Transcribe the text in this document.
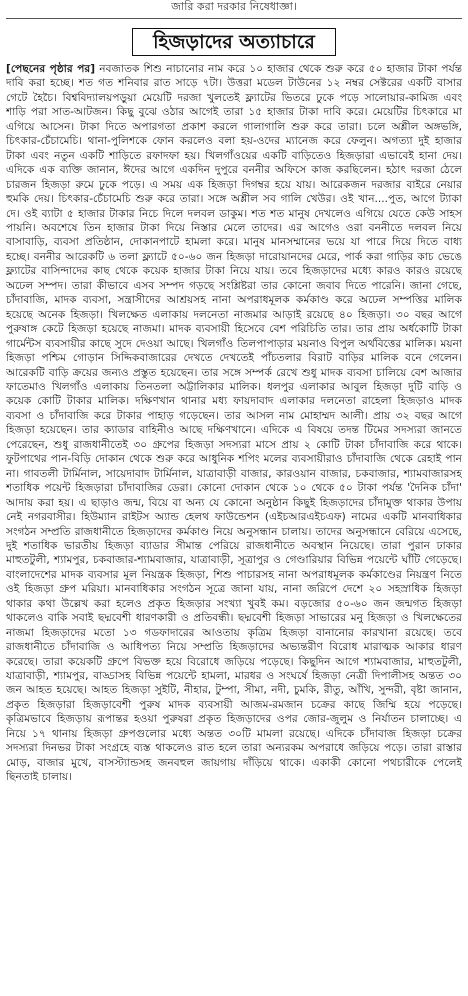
জারি করা দরকার নিষেধাজ্ঞা।
হিজড়াদের অত্যাচারে

[পেছনের পৃষ্ঠার পর] নবজাতক শিশু নাচানোর নাম করে ১০ হাজার থেকে শুরু করে ৫০ হাজার টাকা পর্যন্ত দাবি করা হচ্ছে। শত গত শনিবার রাত সাড়ে ৭টা। উত্তরা মডেল টাউনের ১২ নম্বর সেক্টরের একটি বাসার গেটে হৈচৈ। বিশ্ববিদ্যালয়পড়ুয়া মেয়েটি দরজা খুলতেই ফ্ল্যাটের ভিতরে ঢুকে পড়ে সালোয়ার-কামিজ এবং শাড়ি পরা সাত-আটজন। কিছু বুঝে ওঠার আগেই তারা ১৫ হাজার টাকা দাবি করে। মেয়েটির চিৎকারে মা এগিয়ে আসেন। টাকা দিতে অপারগতা প্রকাশ করলে গালাগালি শুরু করে তারা। চলে অশ্লীল অঙ্গভঙ্গি, চিৎকার-চেঁচামেচি। থানা-পুলিশকে ফোন করলেও বলা হয়-ওদের ম্যানেজ করে ফেলুন। অগত্যা দুই হাজার টাকা এবং নতুন একটি শাড়িতে রফাদফা হয়। খিলগাঁওয়ের একটি বাড়িতেও হিজড়ারা এভাবেই হানা দেয়। এদিকে এক ব্যক্তি জানান, ঈদের আগে একদিন দুপুরে বননীর অফিসে কাজ করছিলেন। হঠাৎ দরজা ঠেলে চারজন হিজড়া রুমে ঢুকে পড়ে। এ সময় এক হিজড়া দিগম্বর হয়ে যায়। আরেকজন দরজার বাইরে নেয়ার হুমকি দেয়। চিৎকার-চেঁচামেচি শুরু করে তারা। সঙ্গে অশ্লীল সব গালি খেউর। ওই খান....পুত, আগে ট্যাকা দে। ওই ব্যাটা ৫ হাজার টাকার নিচে দিলে দলবল ডাকুম। শত শত মানুষ দেখলেও এগিয়ে যেতে কেউ সাহস পায়নি। অবশেষে তিন হাজার টাকা দিয়ে নিস্তার মেলে তাদের। এর আগেও ওরা বননীতে দলবল নিয়ে বাসাবাড়ি, ব্যবসা প্রতিষ্ঠান, দোকানপাটে হামলা করে। মানুষ মানসম্মানের ভয়ে যা পারে দিয়ে দিতে বাধ্য হচ্ছে। বননীর আরেকটি ৬ তলা ফ্ল্যাটে ৫০-৬০ জন হিজড়া দারোয়ানদের মেরে, পার্ক করা গাড়ির কাচ ভেঙে ফ্ল্যাটের বাসিন্দাদের কাছ থেকে কয়েক হাজার টাকা নিয়ে যায়। তবে হিজড়াদের মধ্যে কারও কারও রয়েছে অঢেল সম্পদ। তারা কীভাবে এসব সম্পদ গড়ছে সংশ্লিষ্টরা তার কোনো জবাব দিতে পারেনি। জানা গেছে, চাঁদাবাজি, মাদক ব্যবসা, সন্ত্রাসীদের আশ্রয়সহ নানা অপরাধমূলক কর্মকাণ্ড করে অঢেল সম্পত্তির মালিক হয়েছে অনেক হিজড়া। খিলক্ষেত এলাকায় দলনেতা নাজমার আড়াই রয়েছে ৪০ হিজড়া। ৩০ বছর আগে পুরুষাঙ্গ কেটে হিজড়া হয়েছে নাজমা। মাদক ব্যবসায়ী হিসেবে বেশ পরিচিতি তার। তার প্রায় অর্ধকোটি টাকা গার্মেন্টস ব্যবসায়ীর কাছে সুদে দেওয়া আছে। খিলগাঁও তিলপাপাড়ার ময়নাও বিপুল অর্থবিত্তের মালিক। ময়না হিজড়া পশ্চিম গোড়ান সিদ্দিকবাজারের দেখতে দেখতেই পাঁচতলার বিরাট বাড়ির মালিক বনে গেলেন। আরেকটি বাড়ি ক্রয়ের জন্যও প্রস্তুত হয়েছেন। তার সঙ্গে সম্পর্ক রেখে শুধু মাদক ব্যবসা চালিয়ে বেশ আজার ফাতেমাও খিলগাঁও এলাকায় তিনতলা অট্টালিকার মালিক। ধলপুর এলাকার আবুল হিজড়া দুটি বাড়ি ও কয়েক কোটি টাকার মালিক। দক্ষিণখান থানার মধ্য ফায়দাবাদ এলাকার দলনেতা রাহেলা হিজড়াও মাদক ব্যবসা ও চাঁদাবাজি করে টাকার পাহাড় গড়েছেন। তার আসল নাম মোহাম্মদ আলী। প্রায় ৩২ বছর আগে হিজড়া হয়েছেন। তার ক্যাডার বাহিনীও আছে দক্ষিণখানে। এদিকে এ বিষয়ে তদন্ত টিমের সদস্যরা জানতে পেরেছেন, শুধু রাজধানীতেই ৩০ গ্রুপের হিজড়া সদস্যরা মাসে প্রায় ২ কোটি টাকা চাঁদাবাজি করে থাকে। ফুটপাথের পান-বিড়ি দোকান থেকে শুরু করে আধুনিক শপিং মলের ব্যবসায়ীরাও চাঁদাবাজি থেকে রেহাই পান না। গাবতলী টার্মিনাল, সায়েদাবাদ টার্মিনাল, যাত্রাবাড়ী বাজার, কারওয়ান বাজার, চকবাজার, শ্যামবাজারসহ শতাধিক পয়েন্ট হিজড়ারা চাঁদাবাজির ডেরা। কোনো দোকান থেকে ১০ থেকে ৫০ টাকা পর্যন্ত 'দৈনিক চাঁদা' আদায় করা হয়। এ ছাড়াও জন্ম, বিয়ে বা অন্য যে কোনো অনুষ্ঠান কিছুই হিজড়াদের চাঁদামুক্ত থাকার উপায় নেই নগরবাসীর। হিউম্যান রাইটস অ্যান্ড হেলথ ফাউন্ডেশন (এইচআরএইচএফ) নামের একটি মানবাধিকার সংগঠন সম্প্রতি রাজধানীতে হিজড়াদের কর্মকাণ্ড নিয়ে অনুসন্ধান চালায়। তাদের অনুসন্ধানে বেরিয়ে এসেছে, দুই শতাধিক ভারতীয় হিজড়া ব্যাডার সীমান্ত পেরিয়ে রাজধানীতে অবস্থান নিয়েছে। তারা পুরান ঢাকার মাহুতটুলী, শ্যামপুর, চকবাজার-শ্যামবাজার, যাত্রাবাড়ী, সূত্রাপুর ও গেণ্ডারিয়ার বিভিন্ন পয়েন্টে ঘাঁটি গেড়েছে। বাংলাদেশের মাদক ব্যবসার মূল নিয়ন্ত্রক হিজড়া, শিশু পাচারসহ নানা অপরাধমূলক কর্মকাণ্ডের নিয়ন্ত্রণ নিতে ওই হিজড়া গ্রুপ মরিয়া। মানবাধিকার সংগঠন সূত্রে জানা যায়, নানা জরিপে দেশে ২০ সহস্রাধিক হিজড়া থাকার কথা উল্লেখ করা হলেও প্রকৃত হিজড়ার সংখ্যা খুবই কম। বড়জোর ৫০-৬০ জন জন্মগত হিজড়া থাকলেও বাকি সবাই ছদ্মবেশী ধারণকারী ও প্রতিবন্ধী। ছদ্মবেশী হিজড়া সাভারের মনু হিজড়া ও খিলক্ষেতের নাজমা হিজড়াদের মতো ১৩ গডফাদারের আওতায় কৃত্রিম হিজড়া বানানোর কারখানা রয়েছে। তবে রাজধানীতে চাঁদাবাজি ও আধিপত্য নিয়ে সম্প্রতি হিজড়াদের অভ্যন্তরীণ বিরোধ মারাত্মক আকার ধারণ করেছে। তারা কয়েকটি গ্রুপে বিভক্ত হয়ে বিরোধে জড়িয়ে পড়েছে। কিছুদিন আগে শ্যামবাজার, মাহুতটুলী, যাত্রাবাড়ী, শ্যামপুর, বাড্ডাসহ বিভিন্ন পয়েন্টে হামলা, মারধর ও সংঘর্ষে হিজড়া নেত্রী দিপালীসহ অন্তত ৩০ জন আহত হয়েছে। আহত হিজড়া সুইটি, নীহার, টুম্পা, সীমা, নদী, চুমকি, রীতু, আঁখি, সুন্দরী, বৃষ্টা জানান, প্রকৃত হিজড়ারা হিজড়াবেশী পুরুষ মাদক ব্যবসায়ী আজম-রমজান চক্রের কাছে জিম্মি হয়ে পড়েছে। কৃত্রিমভাবে হিজড়ায় রূপান্তর হওয়া পুরুষরা প্রকৃত হিজড়াদের ওপর জোর-জুলুম ও নির্যাতন চালাচ্ছে। এ নিয়ে ১৭ থানায় হিজড়া গ্রুপগুলোর মধ্যে অন্তত ৩০টি মামলা রয়েছে। এদিকে চাঁদাবাজ হিজড়া চক্রের সদস্যরা দিনভর টাকা সংগ্রহে ব্যস্ত থাকলেও রাত হলে তারা অন্যরকম অপরাধে জড়িয়ে পড়ে। তারা রাস্তার মোড়, বাজার মুখে, বাসস্ট্যান্ডসহ জনবহুল জায়গায় দাঁড়িয়ে থাকে। একাকী কোনো পথচারীকে পেলেই ছিনতাই চালায়।
